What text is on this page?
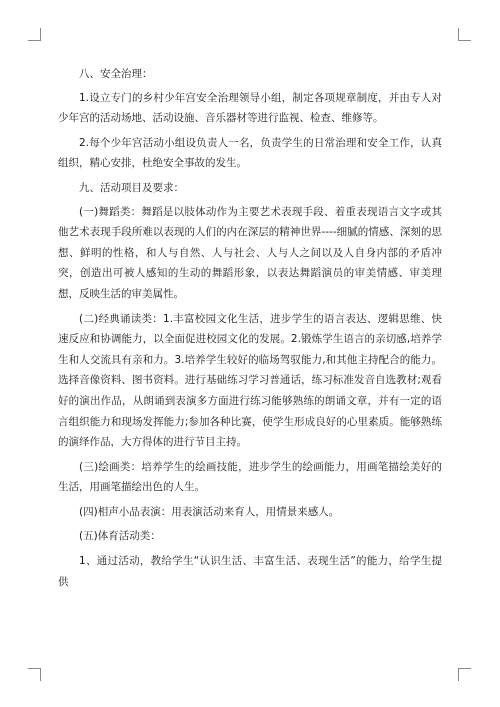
八、安全治理：

1.设立专门的乡村少年宫安全治理领导小组，制定各项规章制度，并由专人对少年宫的活动场地、活动设施、音乐器材等进行监视、检查、维修等。

2.每个少年宫活动小组设负责人一名，负责学生的日常治理和安全工作，认真组织，精心安排，杜绝安全事故的发生。

九、活动项目及要求：

(一)舞蹈类：舞蹈是以肢体动作为主要艺术表现手段、着重表现语言文字或其他艺术表现手段所难以表现的人们的内在深层的精神世界----细腻的情感、深刻的思想、鲜明的性格，和人与自然、人与社会、人与人之间以及人自身内部的矛盾冲突，创造出可被人感知的生动的舞蹈形象，以表达舞蹈演员的审美情感、审美理想，反映生活的审美属性。

(二)经典诵读类：1.丰富校园文化生活，进步学生的语言表达、逻辑思维、快速反应和协调能力，以全面促进校园文化的发展。2.锻炼学生语言的亲切感,培养学生和人交流具有亲和力。3.培养学生较好的临场驾驭能力,和其他主持配合的能力。选择音像资料、图书资料。进行基础练习学习普通话，练习标准发音自选教材;观看好的演出作品，从朗诵到表演多方面进行练习能够熟练的朗诵文章，并有一定的语言组织能力和现场发挥能力;参加各种比赛，使学生形成良好的心里素质。能够熟练的演绎作品，大方得体的进行节目主持。

(三)绘画类：培养学生的绘画技能，进步学生的绘画能力，用画笔描绘美好的生活，用画笔描绘出色的人生。

(四)相声小品表演：用表演活动来育人，用情景来感人。

(五)体育活动类：

1、通过活动，教给学生“认识生活、丰富生活、表现生活”的能力，给学生提供
